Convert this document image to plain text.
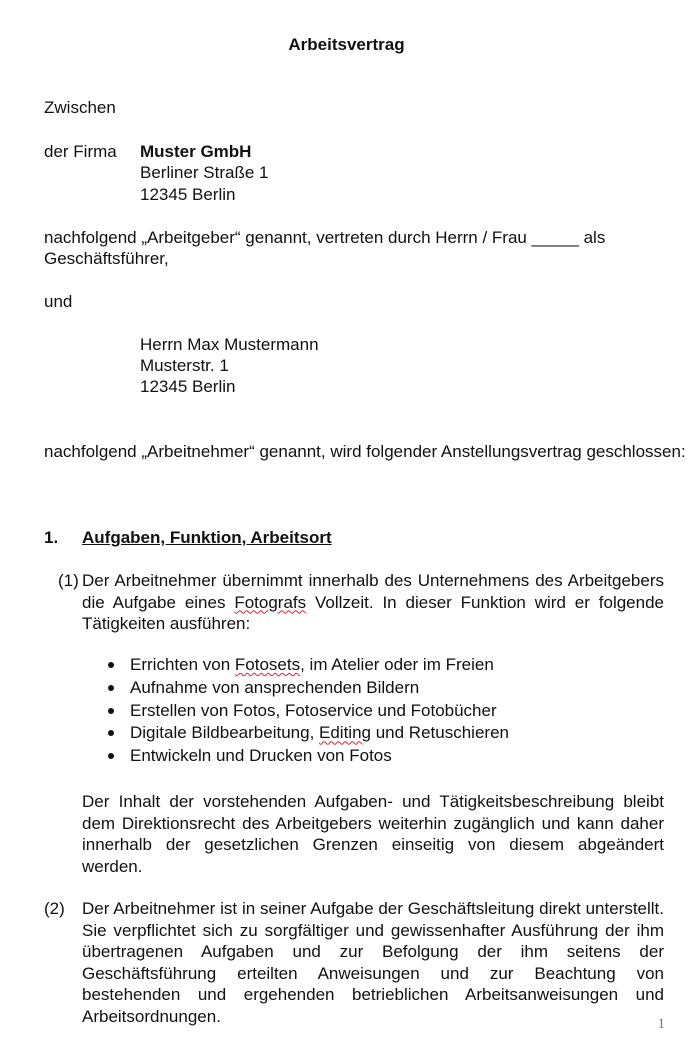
Arbeitsvertrag
Zwischen
der Firma Muster GmbH
Berliner Straße 1
12345 Berlin
nachfolgend „Arbeitgeber“ genannt, vertreten durch Herrn / Frau _____ als
Geschäftsführer,
und
Herrn Max Mustermann
Musterstr. 1
12345 Berlin
nachfolgend „Arbeitnehmer“ genannt, wird folgender Anstellungsvertrag geschlossen:
1. Aufgaben, Funktion, Arbeitsort
(1) Der Arbeitnehmer übernimmt innerhalb des Unternehmens des Arbeitgebers die Aufgabe eines Fotografs Vollzeit. In dieser Funktion wird er folgende Tätigkeiten ausführen:
Errichten von Fotosets, im Atelier oder im Freien
Aufnahme von ansprechenden Bildern
Erstellen von Fotos, Fotoservice und Fotobücher
Digitale Bildbearbeitung, Editing und Retuschieren
Entwickeln und Drucken von Fotos
Der Inhalt der vorstehenden Aufgaben- und Tätigkeitsbeschreibung bleibt dem Direktionsrecht des Arbeitgebers weiterhin zugänglich und kann daher innerhalb der gesetzlichen Grenzen einseitig von diesem abgeändert werden.
(2) Der Arbeitnehmer ist in seiner Aufgabe der Geschäftsleitung direkt unterstellt. Sie verpflichtet sich zu sorgfältiger und gewissenhafter Ausführung der ihm übertragenen Aufgaben und zur Befolgung der ihm seitens der Geschäftsführung erteilten Anweisungen und zur Beachtung von bestehenden und ergehenden betrieblichen Arbeitsanweisungen und Arbeitsordnungen.	1
